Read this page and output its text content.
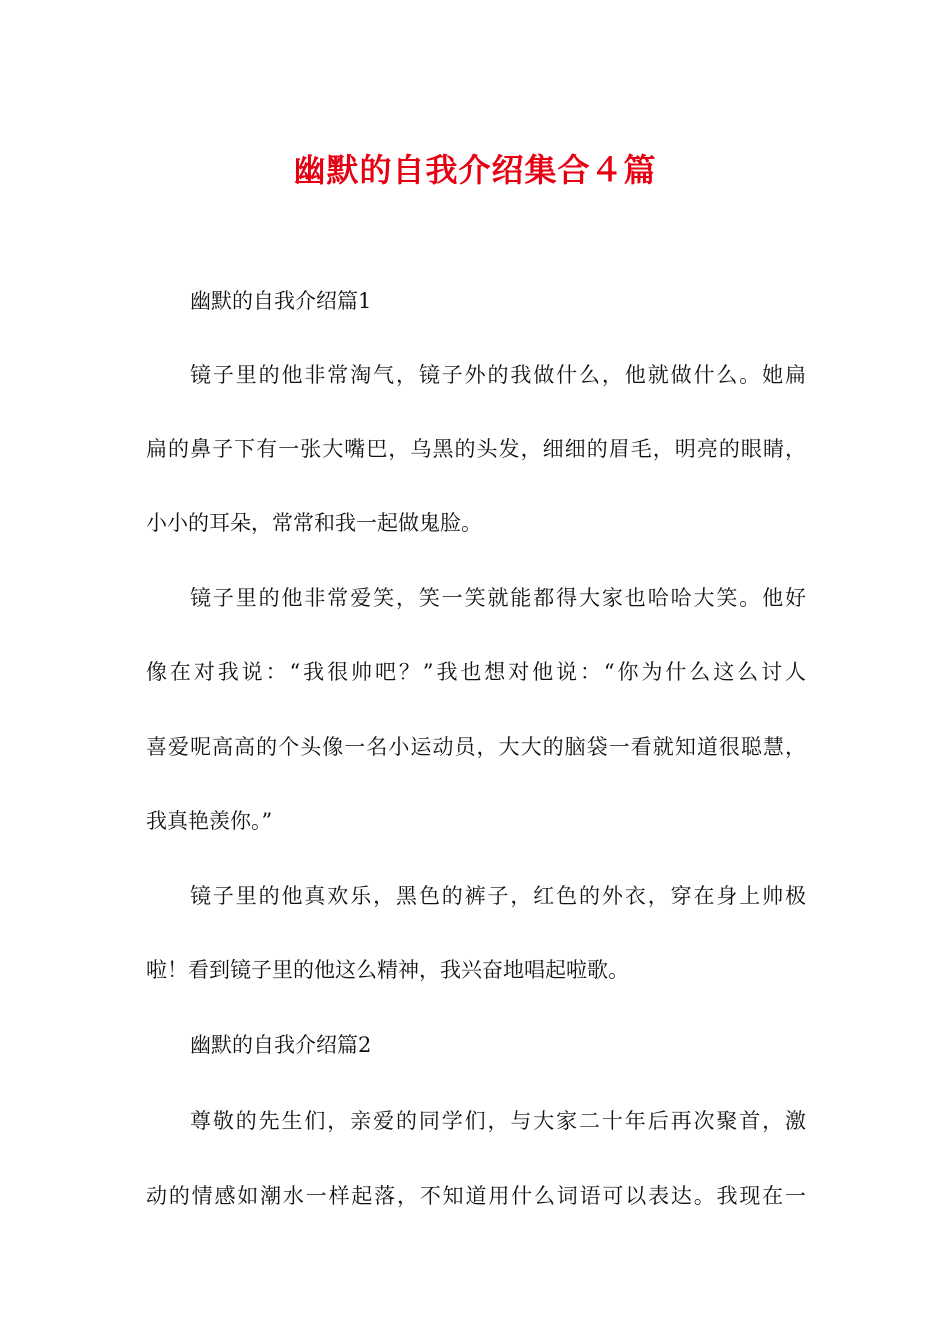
幽默的自我介绍集合４篇
幽默的自我介绍篇1
镜子里的他非常淘气，镜子外的我做什么，他就做什么。她扁
扁的鼻子下有一张大嘴巴，乌黑的头发，细细的眉毛，明亮的眼睛，
小小的耳朵，常常和我一起做鬼脸。
镜子里的他非常爱笑，笑一笑就能都得大家也哈哈大笑。他好
像在对我说：“我很帅吧？”我也想对他说：“你为什么这么讨人
喜爱呢高高的个头像一名小运动员，大大的脑袋一看就知道很聪慧，
我真艳羡你。”
镜子里的他真欢乐，黑色的裤子，红色的外衣，穿在身上帅极
啦！看到镜子里的他这么精神，我兴奋地唱起啦歌。
幽默的自我介绍篇2
尊敬的先生们，亲爱的同学们，与大家二十年后再次聚首，激
动的情感如潮水一样起落，不知道用什么词语可以表达。我现在一
